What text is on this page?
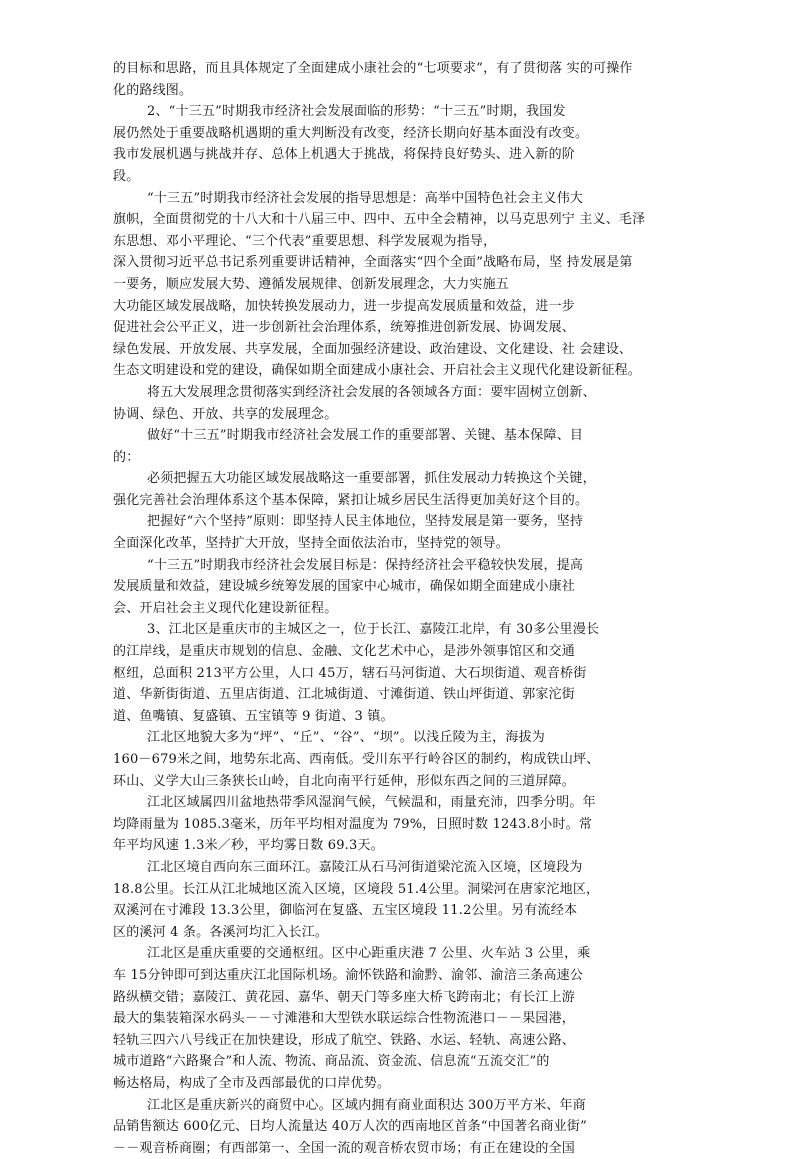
的目标和思路，而且具体规定了全面建成小康社会的“七项要求”，有了贯彻落 实的可操作
化的路线图。
2、“十三五”时期我市经济社会发展面临的形势：“十三五”时期，我国发
展仍然处于重要战略机遇期的重大判断没有改变，经济长期向好基本面没有改变。
我市发展机遇与挑战并存、总体上机遇大于挑战，将保持良好势头、进入新的阶
段。
“十三五”时期我市经济社会发展的指导思想是：高举中国特色社会主义伟大
旗帜，全面贯彻党的十八大和十八届三中、四中、五中全会精神，以马克思列宁 主义、毛泽
东思想、邓小平理论、“三个代表”重要思想、科学发展观为指导，
深入贯彻习近平总书记系列重要讲话精神，全面落实“四个全面”战略布局，坚 持发展是第
一要务，顺应发展大势、遵循发展规律、创新发展理念，大力实施五
大功能区域发展战略，加快转换发展动力，进一步提高发展质量和效益，进一步
促进社会公平正义，进一步创新社会治理体系，统筹推进创新发展、协调发展、
绿色发展、开放发展、共享发展，全面加强经济建设、政治建设、文化建设、社 会建设、
生态文明建设和党的建设，确保如期全面建成小康社会、开启社会主义现代化建设新征程。
将五大发展理念贯彻落实到经济社会发展的各领域各方面：要牢固树立创新、
协调、绿色、开放、共享的发展理念。
做好“十三五”时期我市经济社会发展工作的重要部署、关键、基本保障、目
的：
必须把握五大功能区域发展战略这一重要部署，抓住发展动力转换这个关键，
强化完善社会治理体系这个基本保障，紧扣让城乡居民生活得更加美好这个目的。
把握好“六个坚持”原则：即坚持人民主体地位，坚持发展是第一要务，坚持
全面深化改革，坚持扩大开放，坚持全面依法治市，坚持党的领导。
“十三五”时期我市经济社会发展目标是：保持经济社会平稳较快发展，提高
发展质量和效益，建设城乡统筹发展的国家中心城市，确保如期全面建成小康社
会、开启社会主义现代化建设新征程。
3、江北区是重庆市的主城区之一，位于长江、嘉陵江北岸，有 30多公里漫长
的江岸线，是重庆市规划的信息、金融、文化艺术中心，是涉外领事馆区和交通
枢纽，总面积 213平方公里，人口 45万，辖石马河街道、大石坝街道、观音桥街
道、华新街街道、五里店街道、江北城街道、寸滩街道、铁山坪街道、郭家沱街
道、鱼嘴镇、复盛镇、五宝镇等 9 街道、3 镇。
江北区地貌大多为“坪”、“丘”、“谷”、“坝”。以浅丘陵为主，海拔为
160－679米之间，地势东北高、西南低。受川东平行岭谷区的制约，构成铁山坪、
环山、义学大山三条狭长山岭，自北向南平行延伸，形似东西之间的三道屏障。
江北区域属四川盆地热带季风湿润气候，气候温和，雨量充沛，四季分明。年
均降雨量为 1085.3毫米，历年平均相对温度为 79%，日照时数 1243.8小时。常
年平均风速 1.3米／秒，平均雾日数 69.3天。
江北区境自西向东三面环江。嘉陵江从石马河街道梁沱流入区境，区境段为
18.8公里。长江从江北城地区流入区境，区境段 51.4公里。洞梁河在唐家沱地区，
双溪河在寸滩段 13.3公里，御临河在复盛、五宝区境段 11.2公里。另有流经本
区的溪河 4 条。各溪河均汇入长江。
江北区是重庆重要的交通枢纽。区中心距重庆港 7 公里、火车站 3 公里，乘
车 15分钟即可到达重庆江北国际机场。渝怀铁路和渝黔、渝邻、渝涪三条高速公
路纵横交错；嘉陵江、黄花园、嘉华、朝天门等多座大桥飞跨南北；有长江上游
最大的集装箱深水码头－－寸滩港和大型铁水联运综合性物流港口－－果园港，
轻轨三四六八号线正在加快建设，形成了航空、铁路、水运、轻轨、高速公路、
城市道路“六路聚合”和人流、物流、商品流、资金流、信息流“五流交汇”的
畅达格局，构成了全市及西部最优的口岸优势。
江北区是重庆新兴的商贸中心。区域内拥有商业面积达 300万平方米、年商
品销售额达 600亿元、日均人流量达 40万人次的西南地区首条“中国著名商业街”
－－观音桥商圈；有西部第一、全国一流的观音桥农贸市场；有正在建设的全国
